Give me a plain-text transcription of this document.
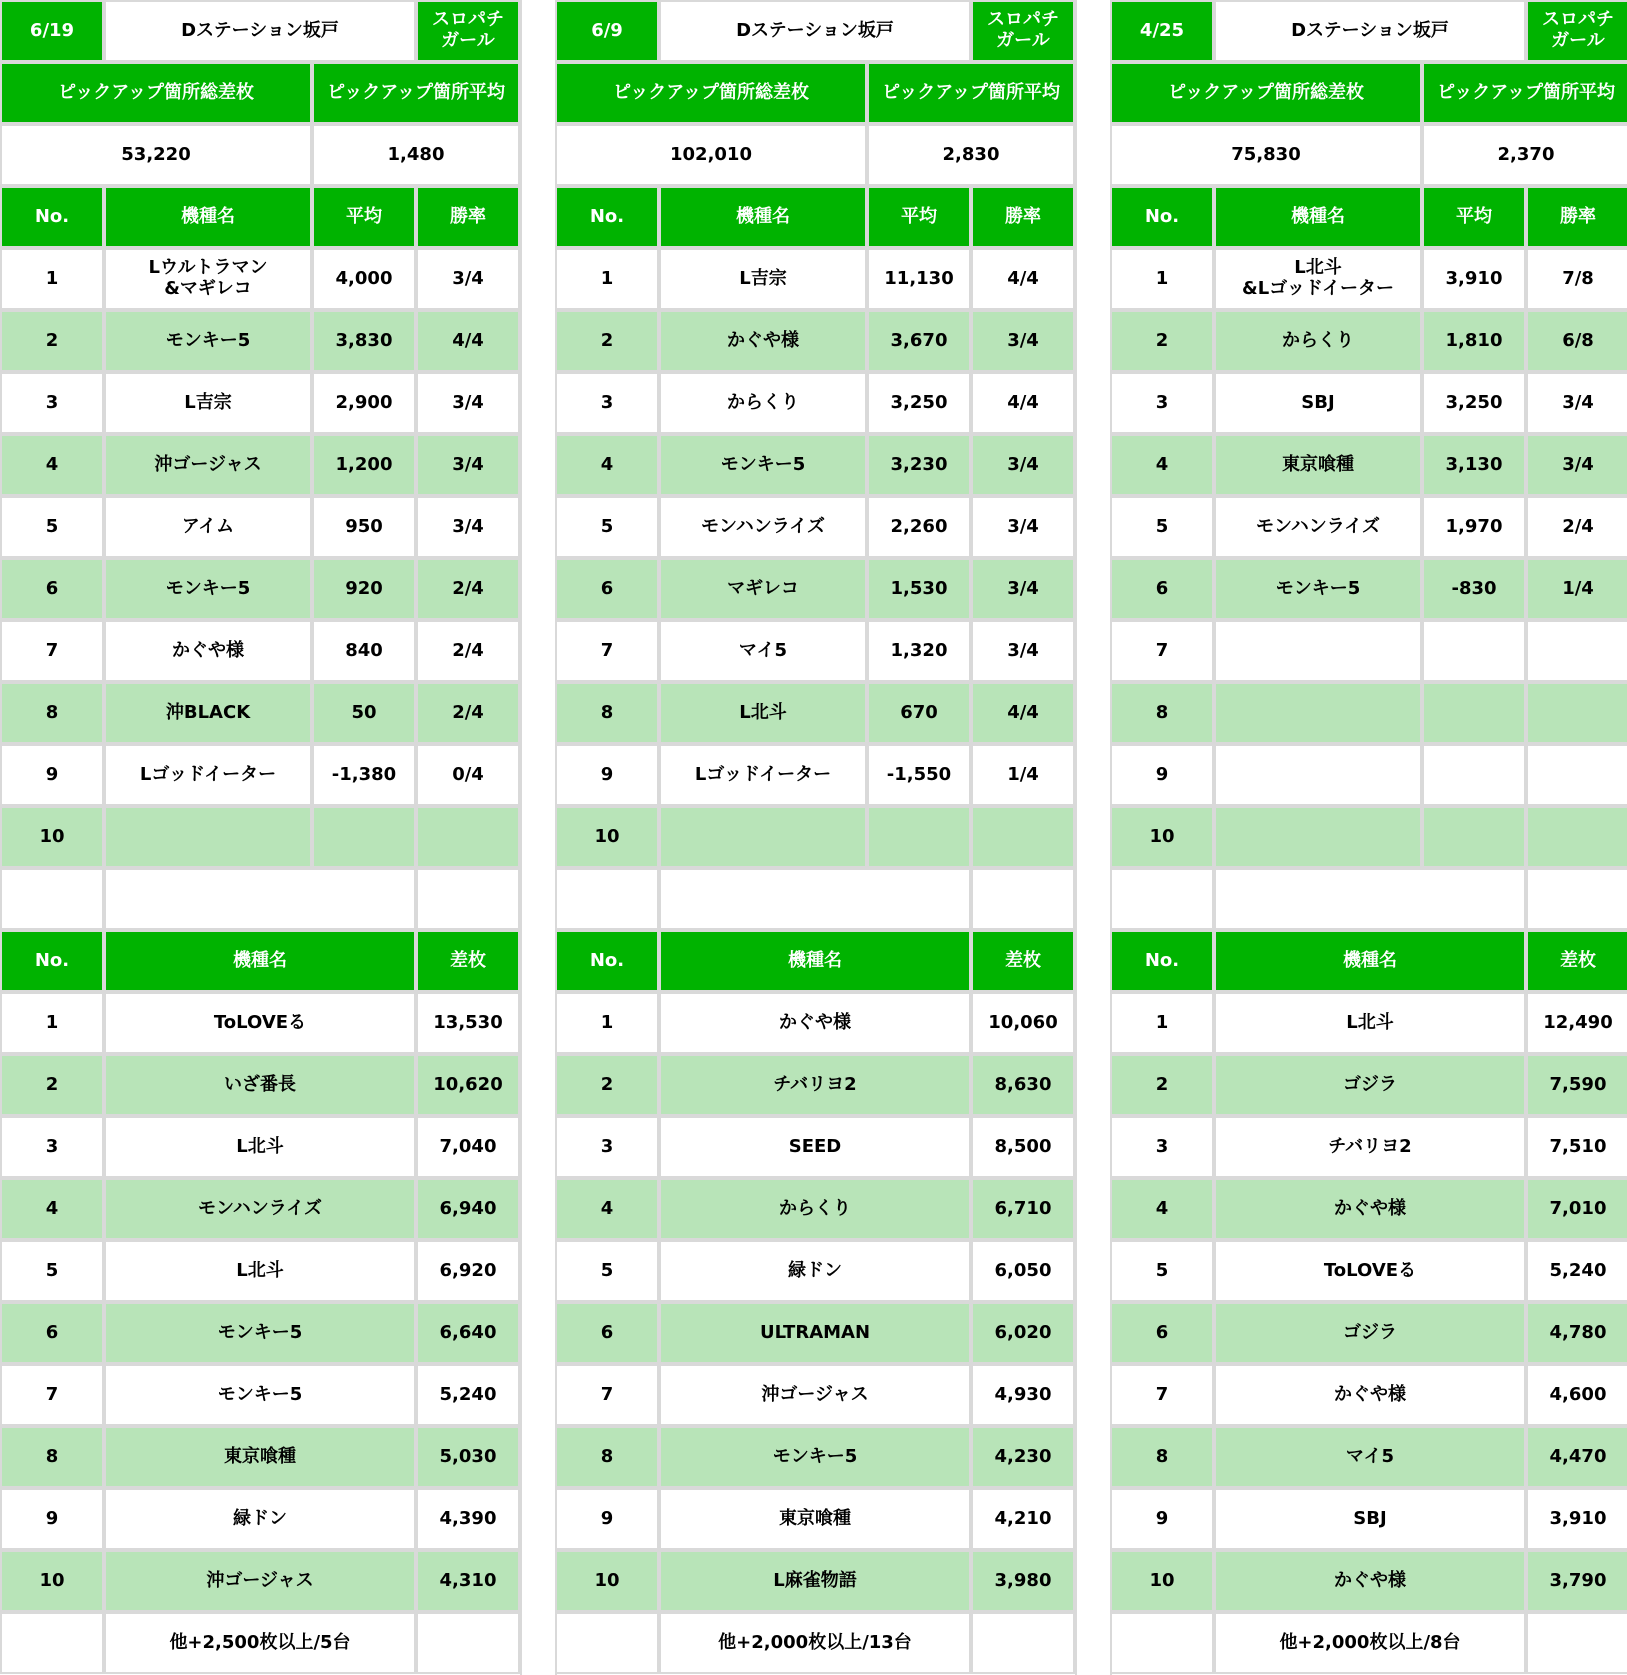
6/19	Dステーション坂戸	スロパチ
ガール
ピックアップ箇所総差枚	ピックアップ箇所平均
53,220	1,480
No.	機種名	平均	勝率
1	Lウルトラマン
&マギレコ	4,000	3/4
2	モンキー5	3,830	4/4
3	L吉宗	2,900	3/4
4	沖ゴージャス	1,200	3/4
5	アイム	950	3/4
6	モンキー5	920	2/4
7	かぐや様	840	2/4
8	沖BLACK	50	2/4
9	Lゴッドイーター	-1,380	0/4
10
No.	機種名	差枚
1	ToLOVEる	13,530
2	いざ番長	10,620
3	L北斗	7,040
4	モンハンライズ	6,940
5	L北斗	6,920
6	モンキー5	6,640
7	モンキー5	5,240
8	東京喰種	5,030
9	緑ドン	4,390
10	沖ゴージャス	4,310
他+2,500枚以上/5台
6/9	Dステーション坂戸	スロパチ
ガール
ピックアップ箇所総差枚	ピックアップ箇所平均
102,010	2,830
No.	機種名	平均	勝率
1	L吉宗	11,130	4/4
2	かぐや様	3,670	3/4
3	からくり	3,250	4/4
4	モンキー5	3,230	3/4
5	モンハンライズ	2,260	3/4
6	マギレコ	1,530	3/4
7	マイ5	1,320	3/4
8	L北斗	670	4/4
9	Lゴッドイーター	-1,550	1/4
10
No.	機種名	差枚
1	かぐや様	10,060
2	チバリヨ2	8,630
3	SEED	8,500
4	からくり	6,710
5	緑ドン	6,050
6	ULTRAMAN	6,020
7	沖ゴージャス	4,930
8	モンキー5	4,230
9	東京喰種	4,210
10	L麻雀物語	3,980
他+2,000枚以上/13台
4/25	Dステーション坂戸	スロパチ
ガール
ピックアップ箇所総差枚	ピックアップ箇所平均
75,830	2,370
No.	機種名	平均	勝率
1	L北斗
&Lゴッドイーター	3,910	7/8
2	からくり	1,810	6/8
3	SBJ	3,250	3/4
4	東京喰種	3,130	3/4
5	モンハンライズ	1,970	2/4
6	モンキー5	-830	1/4
7
8
9
10
No.	機種名	差枚
1	L北斗	12,490
2	ゴジラ	7,590
3	チバリヨ2	7,510
4	かぐや様	7,010
5	ToLOVEる	5,240
6	ゴジラ	4,780
7	かぐや様	4,600
8	マイ5	4,470
9	SBJ	3,910
10	かぐや様	3,790
他+2,000枚以上/8台
